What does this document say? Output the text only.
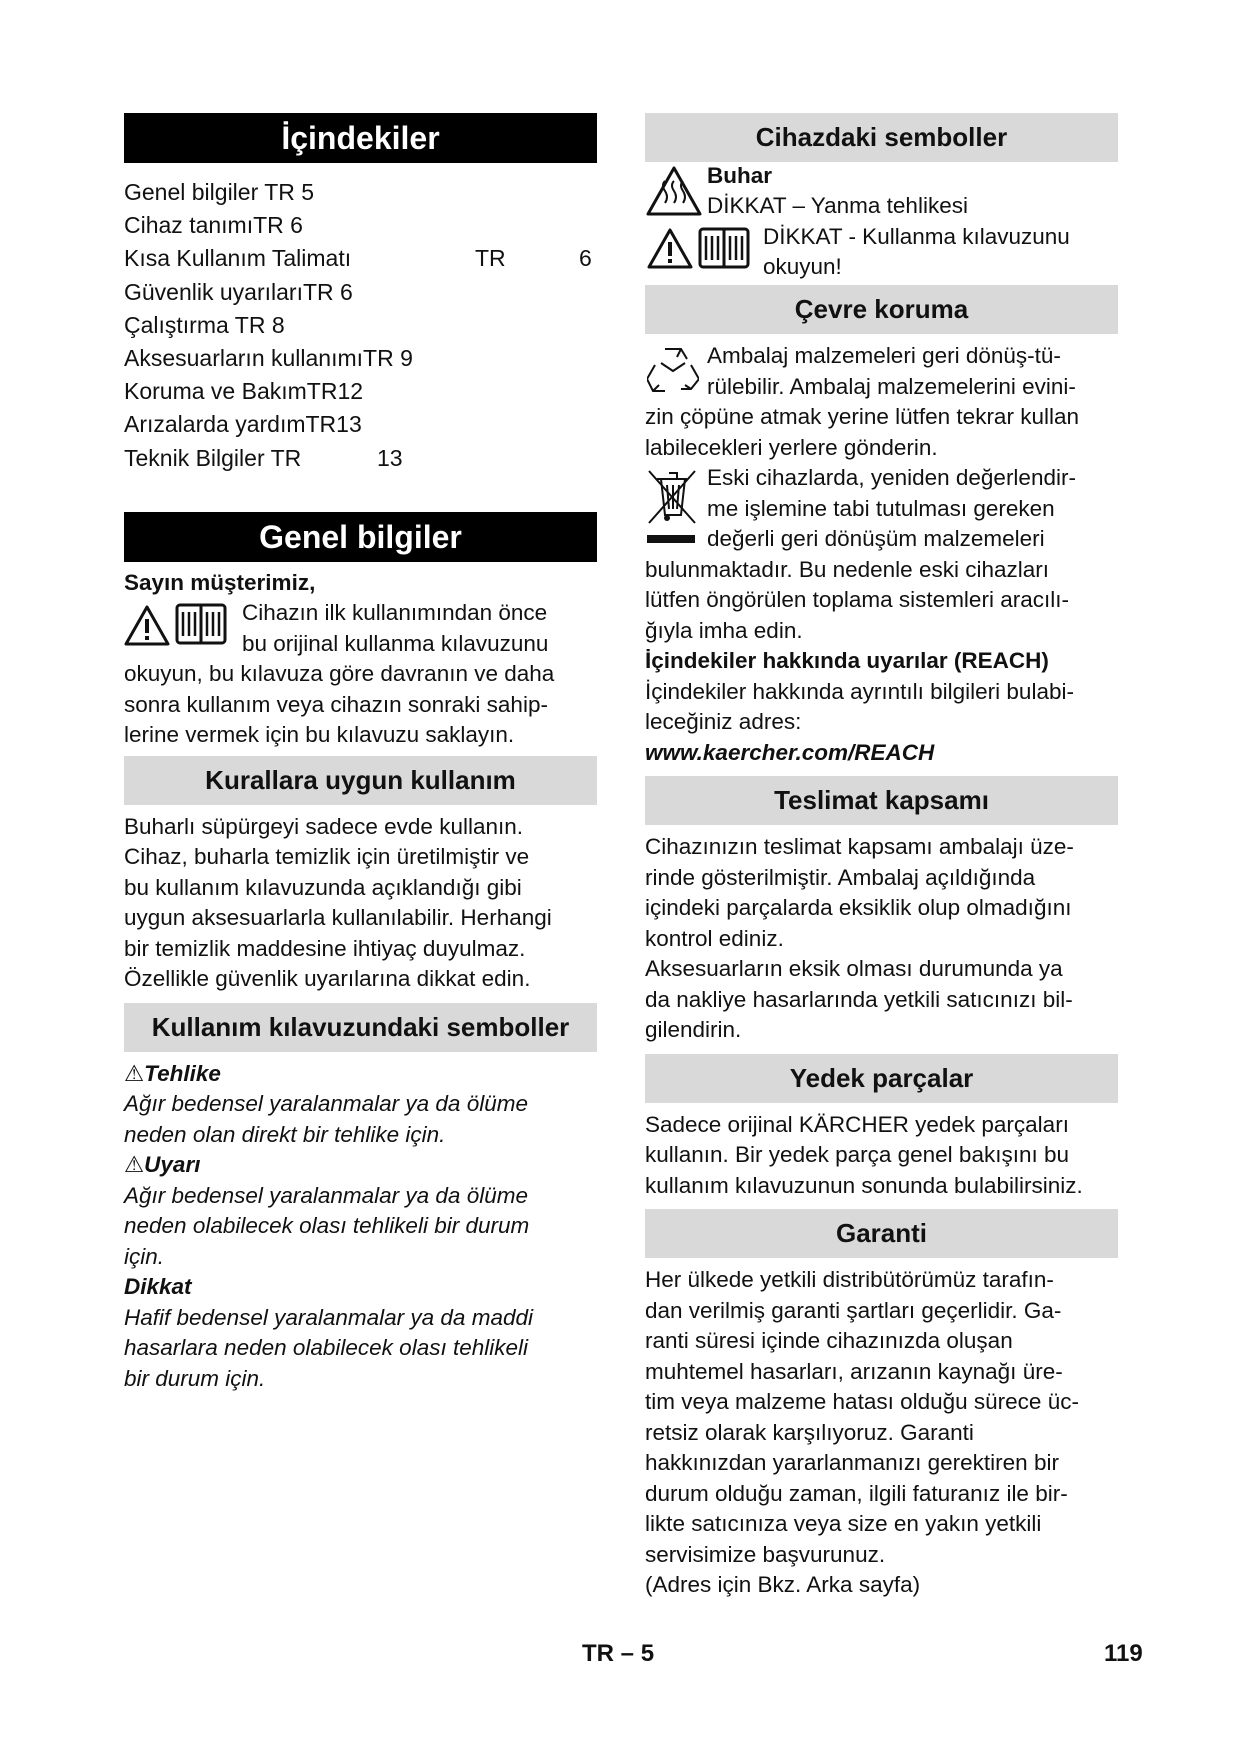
İçindekiler
Genel bilgiler TR 5
Cihaz tanımıTR 6
Kısa Kullanım Talimatı	TR	6
Güvenlik uyarılarıTR 6
Çalıştırma TR 8
Aksesuarların kullanımıTR 9
Koruma ve BakımTR12
Arızalarda yardımTR13
Teknik Bilgiler TR	13
Genel bilgiler
Sayın müşterimiz,
Cihazın ilk kullanımından önce
bu orijinal kullanma kılavuzunu
okuyun, bu kılavuza göre davranın ve daha
sonra kullanım veya cihazın sonraki sahip-
lerine vermek için bu kılavuzu saklayın.
Kurallara uygun kullanım
Buharlı süpürgeyi sadece evde kullanın.
Cihaz, buharla temizlik için üretilmiştir ve
bu kullanım kılavuzunda açıklandığı gibi
uygun aksesuarlarla kullanılabilir. Herhangi
bir temizlik maddesine ihtiyaç duyulmaz.
Özellikle güvenlik uyarılarına dikkat edin.
Kullanım kılavuzundaki semboller
⚠Tehlike
Ağır bedensel yaralanmalar ya da ölüme
neden olan direkt bir tehlike için.
⚠Uyarı
Ağır bedensel yaralanmalar ya da ölüme
neden olabilecek olası tehlikeli bir durum
için.
Dikkat
Hafif bedensel yaralanmalar ya da maddi
hasarlara neden olabilecek olası tehlikeli
bir durum için.
Cihazdaki semboller
Buhar
DİKKAT – Yanma tehlikesi
DİKKAT - Kullanma kılavuzunu
okuyun!
Çevre koruma
Ambalaj malzemeleri geri dönüş-tü-
rülebilir. Ambalaj malzemelerini evini-
zin çöpüne atmak yerine lütfen tekrar kullan
labilecekleri yerlere gönderin.
Eski cihazlarda, yeniden değerlendir-
me işlemine tabi tutulması gereken
değerli geri dönüşüm malzemeleri
bulunmaktadır. Bu nedenle eski cihazları
lütfen öngörülen toplama sistemleri aracılı-
ğıyla imha edin.
İçindekiler hakkında uyarılar (REACH)
İçindekiler hakkında ayrıntılı bilgileri bulabi-
leceğiniz adres:
www.kaercher.com/REACH
Teslimat kapsamı
Cihazınızın teslimat kapsamı ambalajı üze-
rinde gösterilmiştir. Ambalaj açıldığında
içindeki parçalarda eksiklik olup olmadığını
kontrol ediniz.
Aksesuarların eksik olması durumunda ya
da nakliye hasarlarında yetkili satıcınızı bil-
gilendirin.
Yedek parçalar
Sadece orijinal KÄRCHER yedek parçaları
kullanın. Bir yedek parça genel bakışını bu
kullanım kılavuzunun sonunda bulabilirsiniz.
Garanti
Her ülkede yetkili distribütörümüz tarafın-
dan verilmiş garanti şartları geçerlidir. Ga-
ranti süresi içinde cihazınızda oluşan
muhtemel hasarları, arızanın kaynağı üre-
tim veya malzeme hatası olduğu sürece üc-
retsiz olarak karşılıyoruz. Garanti
hakkınızdan yararlanmanızı gerektiren bir
durum olduğu zaman, ilgili faturanız ile bir-
likte satıcınıza veya size en yakın yetkili
servisimize başvurunuz.
(Adres için Bkz. Arka sayfa)
TR – 5	119
